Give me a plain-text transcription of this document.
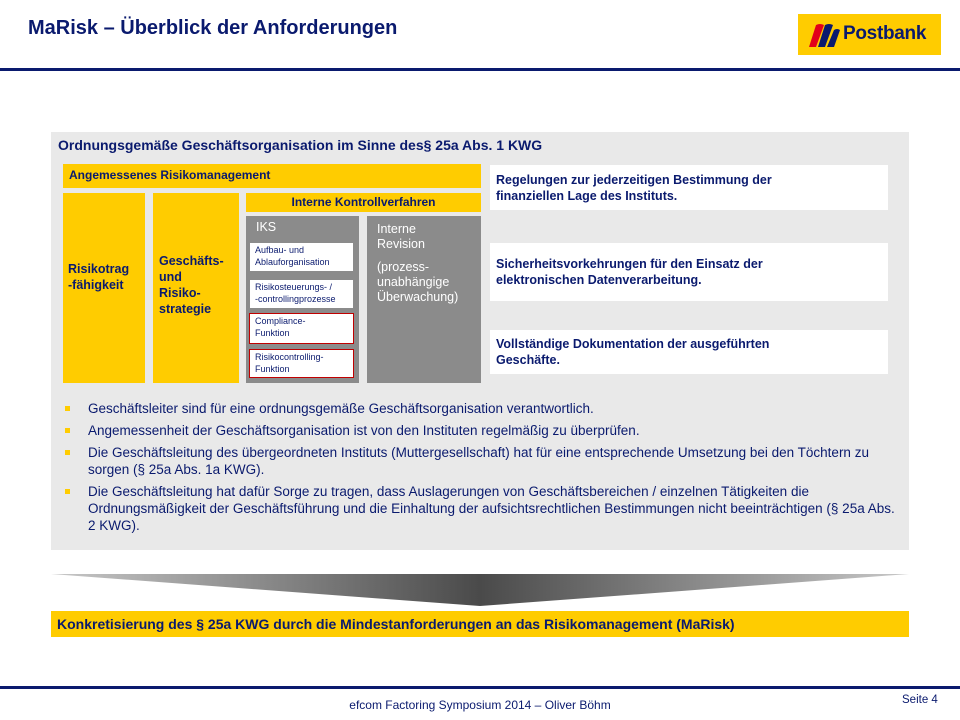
MaRisk – Überblick der Anforderungen	Postbank
Ordnungsgemäße Geschäftsorganisation im Sinne des§ 25a Abs. 1 KWG
Angemessenes Risikomanagement
Risikotrag
-fähigkeit
Geschäfts-
und
Risiko-
strategie
Interne Kontrollverfahren
IKS
Aufbau- und
Ablauforganisation
Risikosteuerungs- /
-controllingprozesse
Compliance-
Funktion
Risikocontrolling-
Funktion

Interne

Revision

(prozess-

unabhängige

Überwachung)

Regelungen zur jederzeitigen Bestimmung der
finanziellen Lage des Instituts.
Sicherheitsvorkehrungen für den Einsatz der
elektronischen Datenverarbeitung.
Vollständige Dokumentation der ausgeführten
Geschäfte.
Geschäftsleiter sind für eine ordnungsgemäße Geschäftsorganisation verantwortlich.
Angemessenheit der Geschäftsorganisation ist von den Instituten regelmäßig zu überprüfen.
Die Geschäftsleitung des übergeordneten Instituts (Muttergesellschaft) hat für eine entsprechende Umsetzung bei den Töchtern zu sorgen (§ 25a Abs. 1a KWG).
Die Geschäftsleitung hat dafür Sorge zu tragen, dass Auslagerungen von Geschäftsbereichen / einzelnen Tätigkeiten die Ordnungsmäßigkeit der Geschäftsführung und die Einhaltung der aufsichtsrechtlichen Bestimmungen nicht beeinträchtigen (§ 25a Abs. 2 KWG).
Konkretisierung des § 25a KWG durch die Mindestanforderungen an das Risikomanagement (MaRisk)
efcom Factoring Symposium 2014 – Oliver Böhm	Seite 4
